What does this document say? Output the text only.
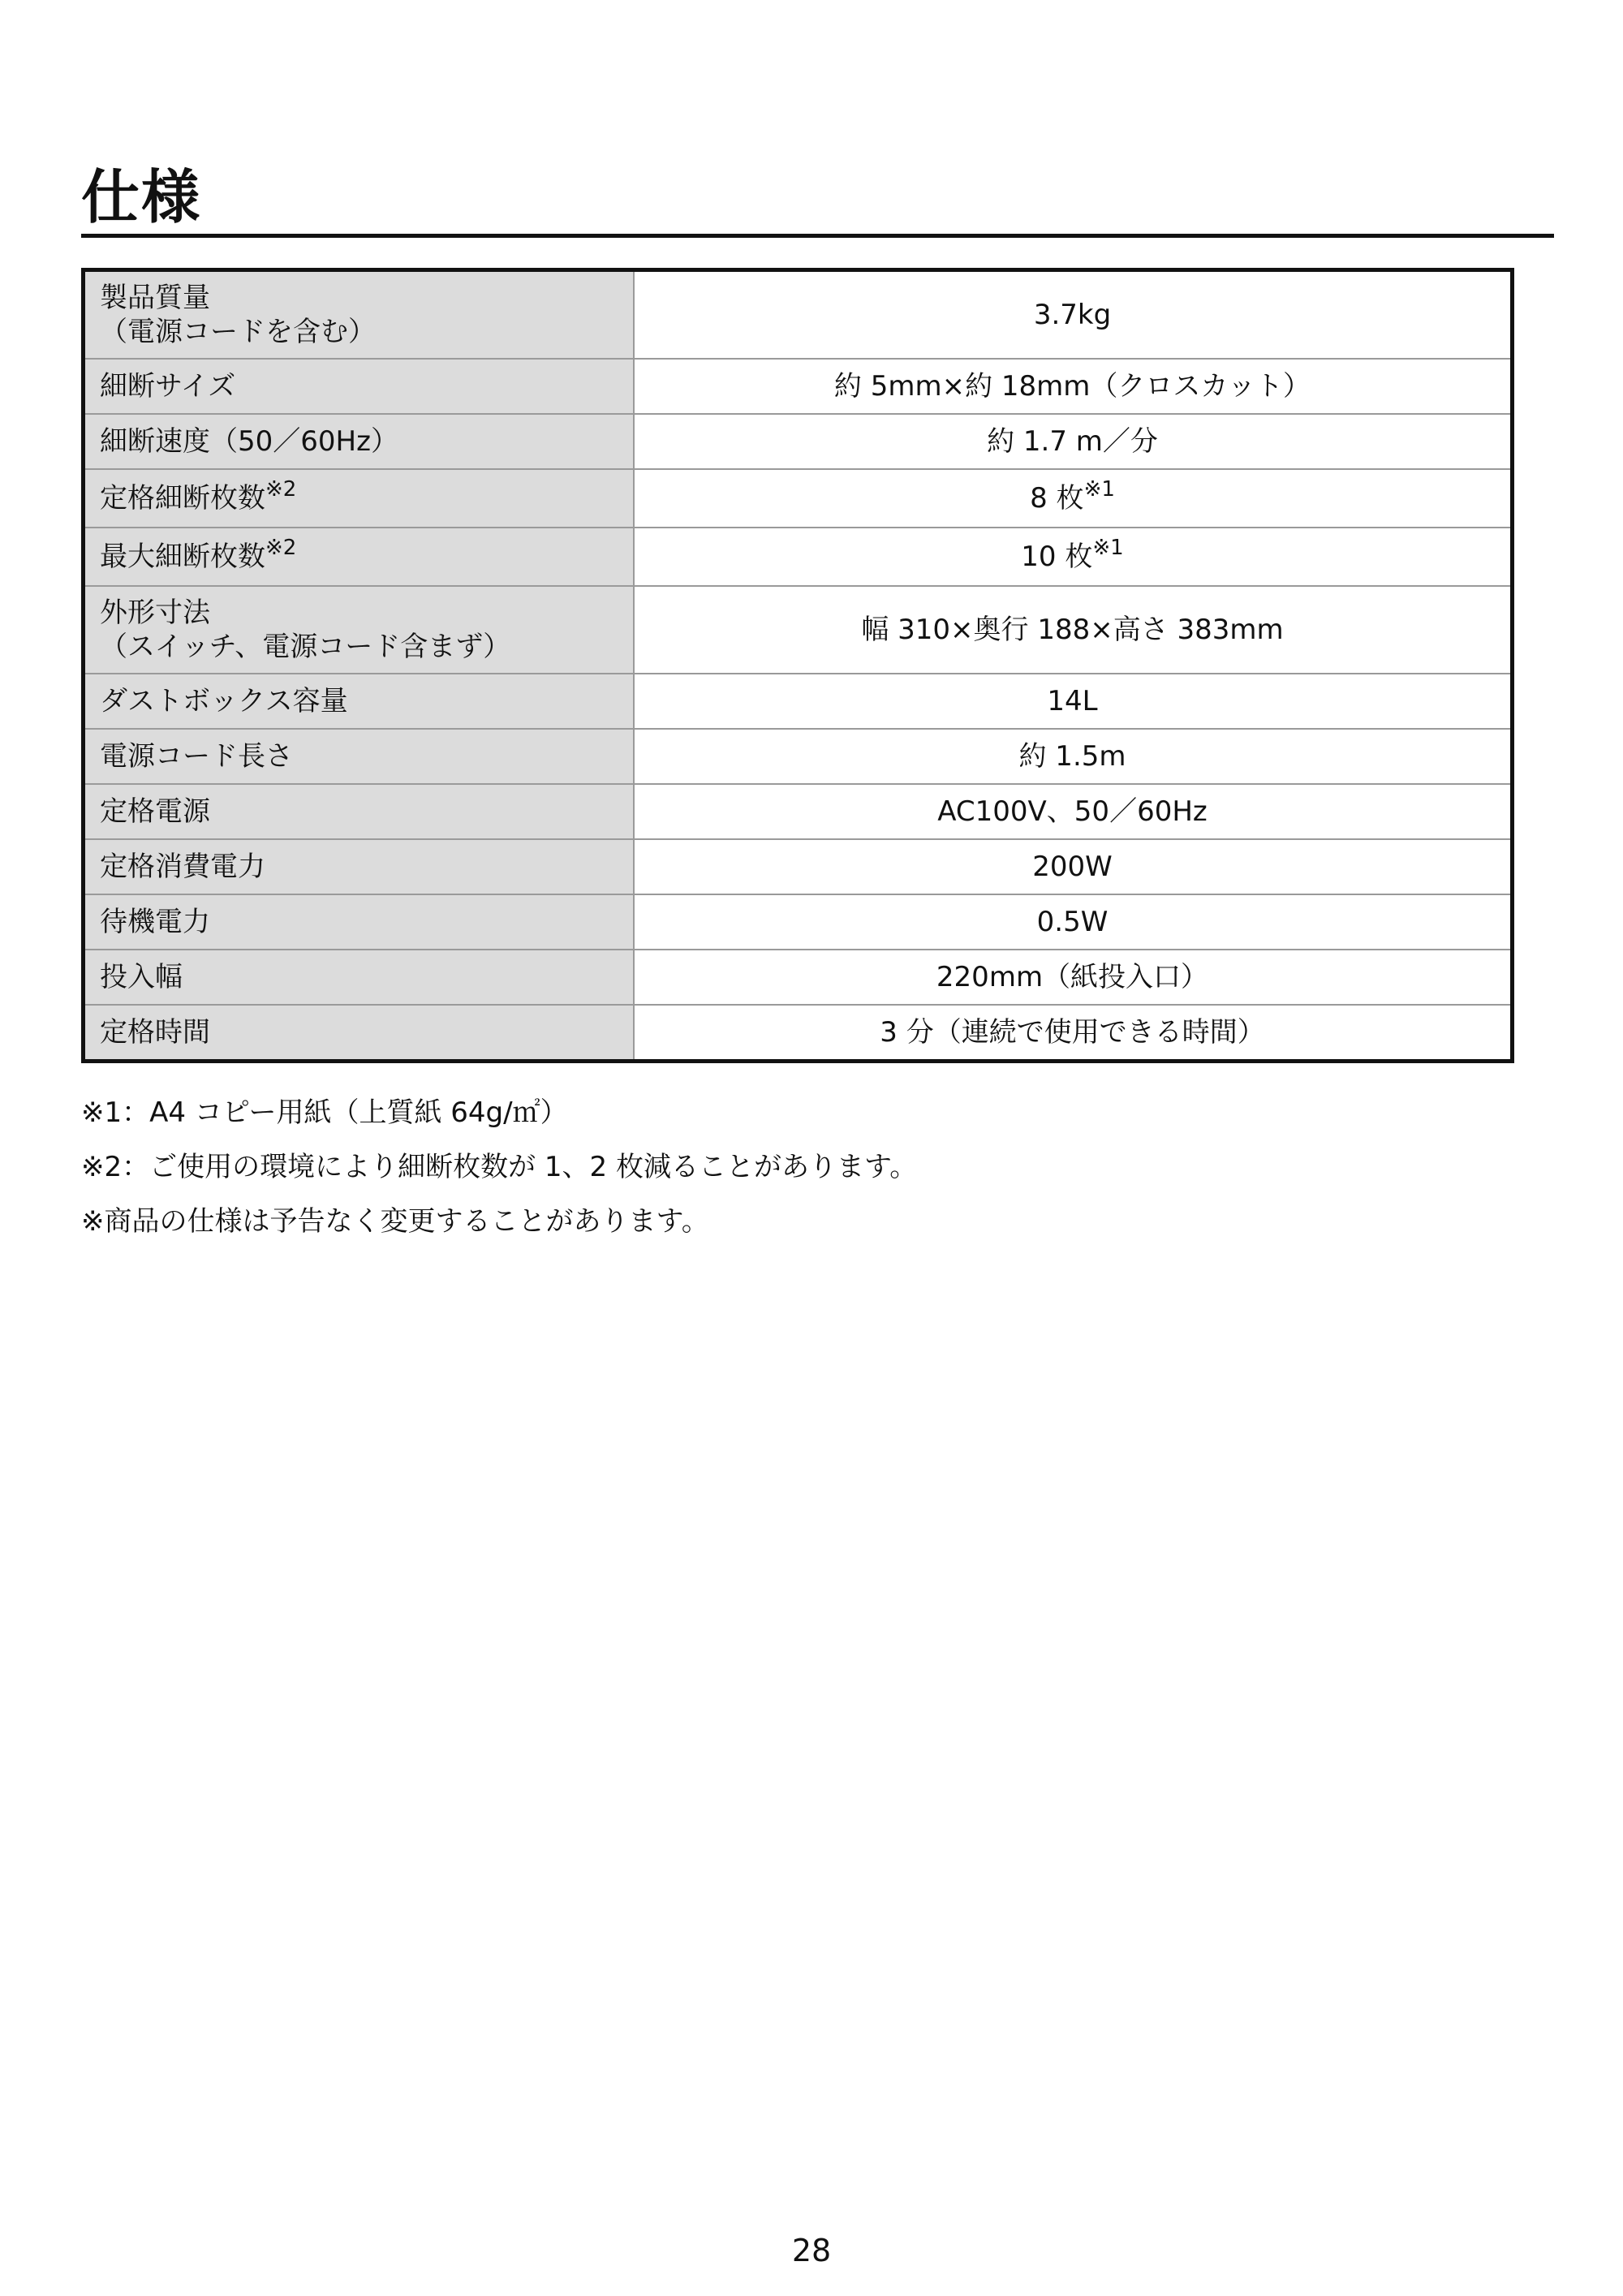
仕様
製品質量
（電源コードを含む）	3.7kg
細断サイズ	約 5mm×約 18mm（クロスカット）
細断速度（50／60Hz）	約 1.7 m／分
定格細断枚数$^{※2}$	8 枚$^{※1}$
最大細断枚数$^{※2}$	10 枚$^{※1}$

外形寸法
（スイッチ、電源コード含まず）	幅 310×奥行 188×高さ 383mm
ダストボックス容量	14L
電源コード長さ	約 1.5m
定格電源	AC100V、50／60Hz
定格消費電力	200W
待機電力	0.5W
投入幅	220mm（紙投入口）
定格時間	3 分（連続で使用できる時間）
※1：A4 コピー用紙（上質紙 64g/㎡）
※2：ご使用の環境により細断枚数が 1、2 枚減ることがあります。
※商品の仕様は予告なく変更することがあります。
28
